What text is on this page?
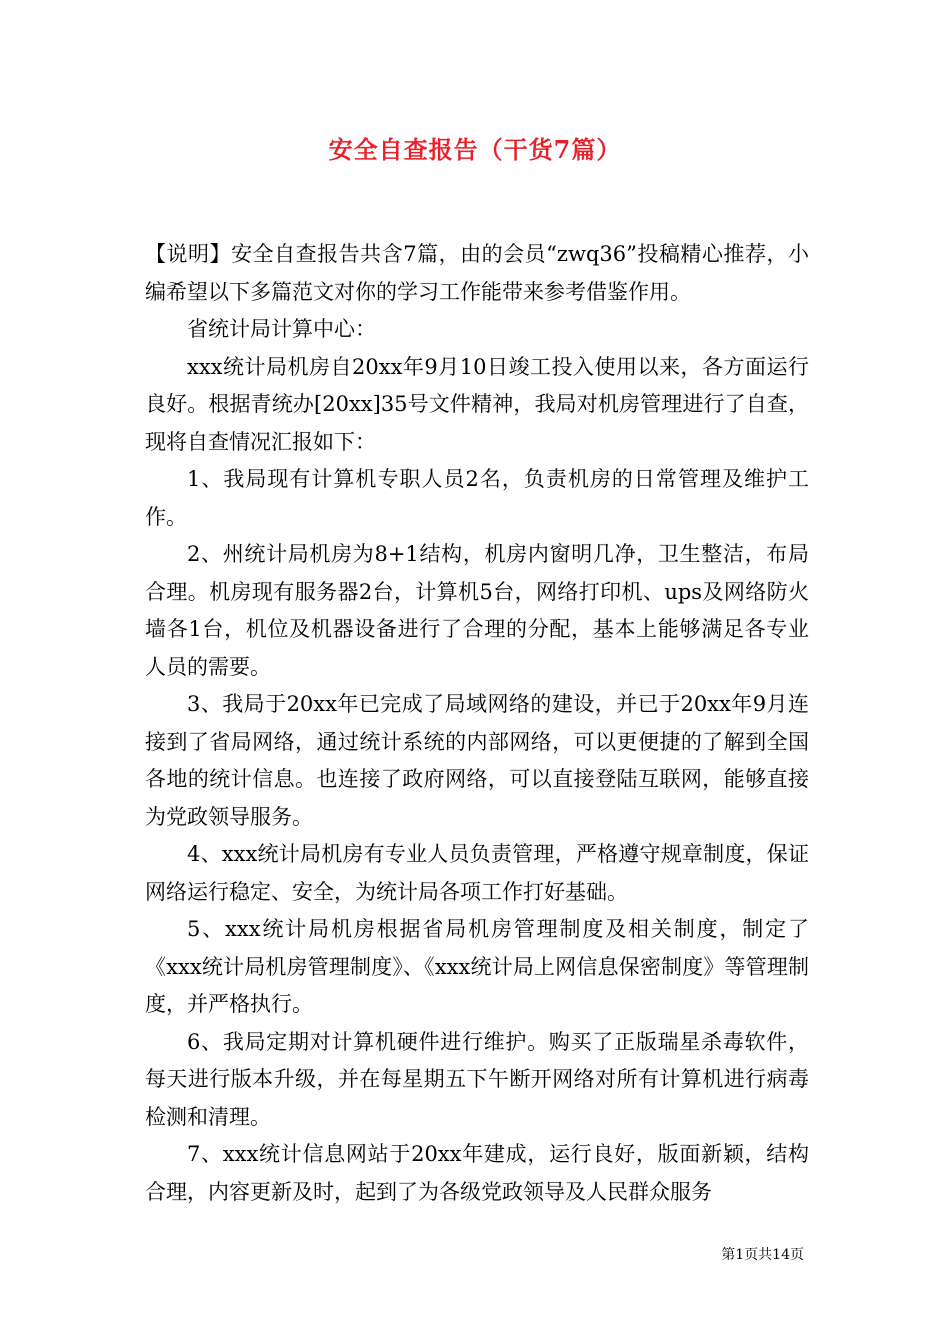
安全自查报告（干货7篇）

【说明】安全自查报告共含7篇，由的会员“zwq36”投稿精心推荐，小编希望以下多篇范文对你的学习工作能带来参考借鉴作用。

省统计局计算中心：

xxx统计局机房自20xx年9月10日竣工投入使用以来，各方面运行良好。根据青统办[20xx]35号文件精神，我局对机房管理进行了自查，现将自查情况汇报如下：

1、我局现有计算机专职人员2名，负责机房的日常管理及维护工作。

2、州统计局机房为8+1结构，机房内窗明几净，卫生整洁，布局合理。机房现有服务器2台，计算机5台，网络打印机、ups及网络防火墙各1台，机位及机器设备进行了合理的分配，基本上能够满足各专业人员的需要。

3、我局于20xx年已完成了局域网络的建设，并已于20xx年9月连接到了省局网络，通过统计系统的内部网络，可以更便捷的了解到全国各地的统计信息。也连接了政府网络，可以直接登陆互联网，能够直接为党政领导服务。

4、xxx统计局机房有专业人员负责管理，严格遵守规章制度，保证网络运行稳定、安全，为统计局各项工作打好基础。

5、xxx统计局机房根据省局机房管理制度及相关制度，制定了《xxx统计局机房管理制度》、《xxx统计局上网信息保密制度》等管理制度，并严格执行。

6、我局定期对计算机硬件进行维护。购买了正版瑞星杀毒软件，每天进行版本升级，并在每星期五下午断开网络对所有计算机进行病毒检测和清理。

7、xxx统计信息网站于20xx年建成，运行良好，版面新颖，结构合理，内容更新及时，起到了为各级党政领导及人民群众服务

第1页共14页
